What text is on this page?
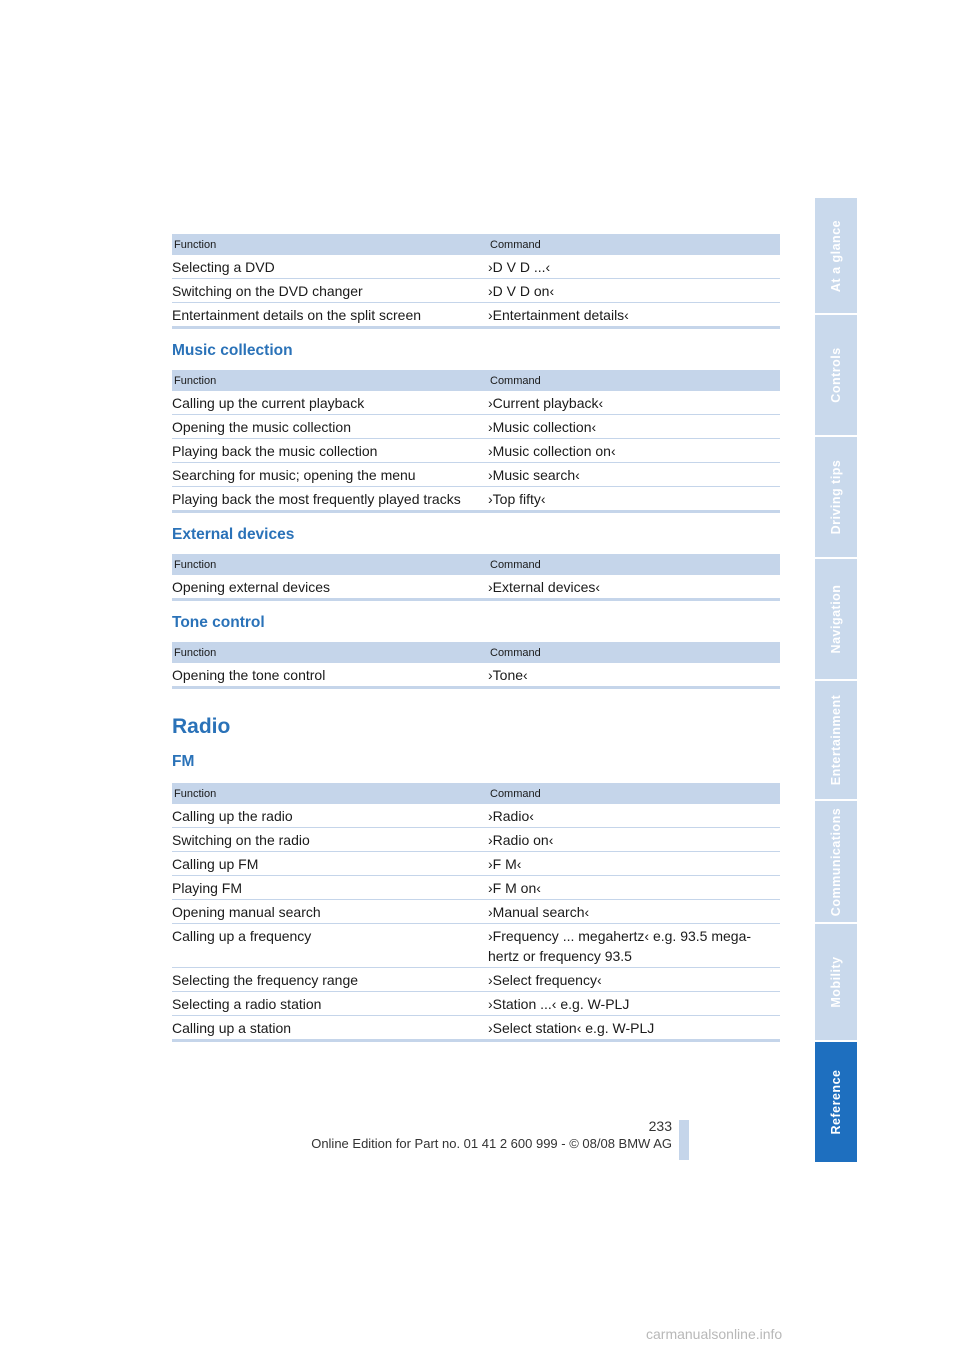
Function	Command
Selecting a DVD	›D V D ...‹
Switching on the DVD changer	›D V D on‹
Entertainment details on the split screen	›Entertainment details‹
Music collection
Function	Command
Calling up the current playback	›Current playback‹
Opening the music collection	›Music collection‹
Playing back the music collection	›Music collection on‹
Searching for music; opening the menu	›Music search‹
Playing back the most frequently played tracks	›Top fifty‹
External devices
Function	Command
Opening external devices	›External devices‹
Tone control
Function	Command
Opening the tone control	›Tone‹
Radio
FM
Function	Command
Calling up the radio	›Radio‹
Switching on the radio	›Radio on‹
Calling up FM	›F M‹
Playing FM	›F M on‹
Opening manual search	›Manual search‹
Calling up a frequency	›Frequency ... megahertz‹ e.g. 93.5 mega-hertz or frequency 93.5
Selecting the frequency range	›Select frequency‹
Selecting a radio station	›Station ...‹ e.g. W-PLJ
Calling up a station	›Select station‹ e.g. W-PLJ
At a glance
Controls
Driving tips
Navigation
Entertainment
Communications
Mobility
Reference
233
Online Edition for Part no. 01 41 2 600 999 - © 08/08 BMW AG
carmanualsonline.info
